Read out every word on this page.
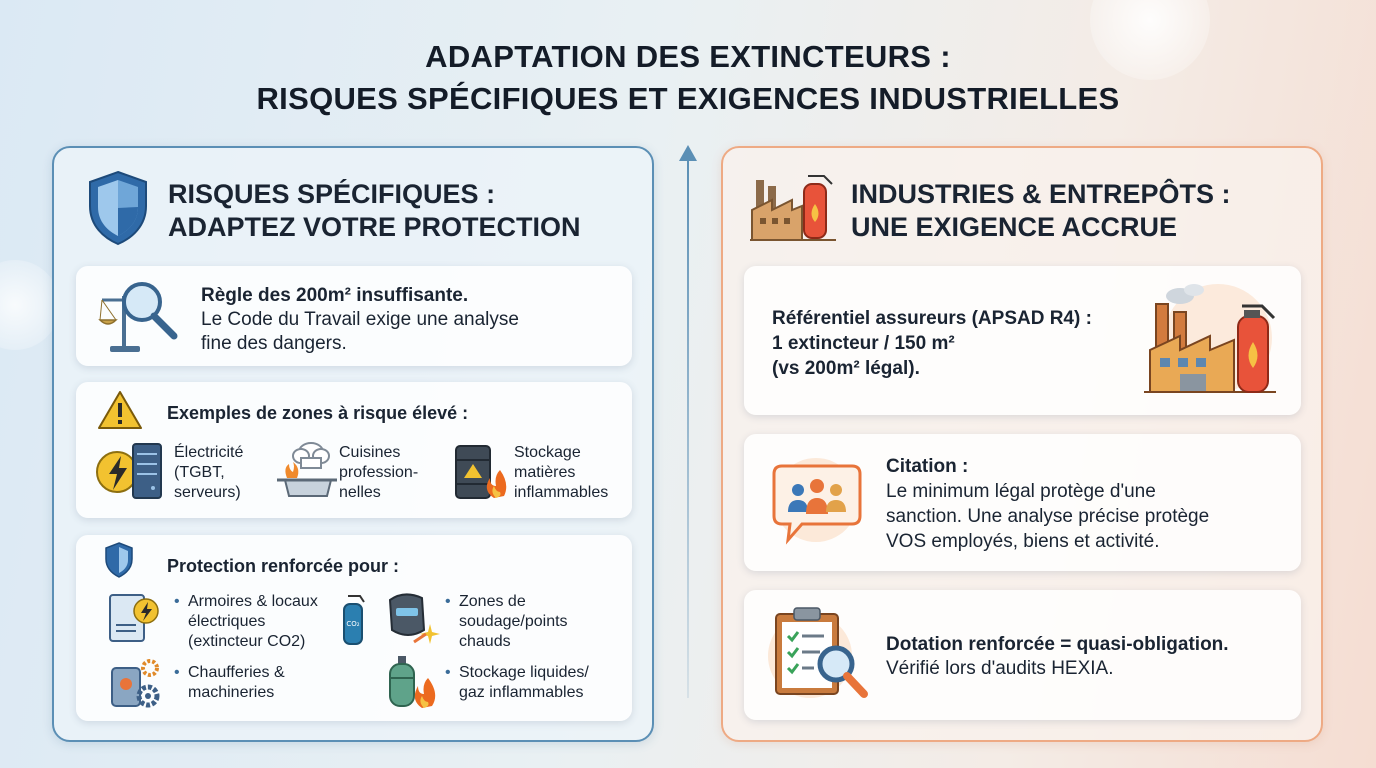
ADAPTATION DES EXTINCTEURS :
RISQUES SPÉCIFIQUES ET EXIGENCES INDUSTRIELLES
RISQUES SPÉCIFIQUES :
ADAPTEZ VOTRE PROTECTION
Règle des 200m² insuffisante.
Le Code du Travail exige une analyse
fine des dangers.
Exemples de zones à risque élevé :
Électricité
(TGBT,
serveurs)
Cuisines
profession-
nelles
Stockage
matières
inflammables
Protection renforcée pour :
• Armoires & locaux
électriques
(extincteur CO2)
CO₂
• Zones de
soudage/points
chauds
• Chaufferies &
machineries
• Stockage liquides/
gaz inflammables
INDUSTRIES & ENTREPÔTS :
UNE EXIGENCE ACCRUE
Référentiel assureurs (APSAD R4) :
1 extincteur / 150 m²
(vs 200m² légal).
Citation :
Le minimum légal protège d'une
sanction. Une analyse précise protège
VOS employés, biens et activité.
Dotation renforcée = quasi-obligation.
Vérifié lors d'audits HEXIA.
